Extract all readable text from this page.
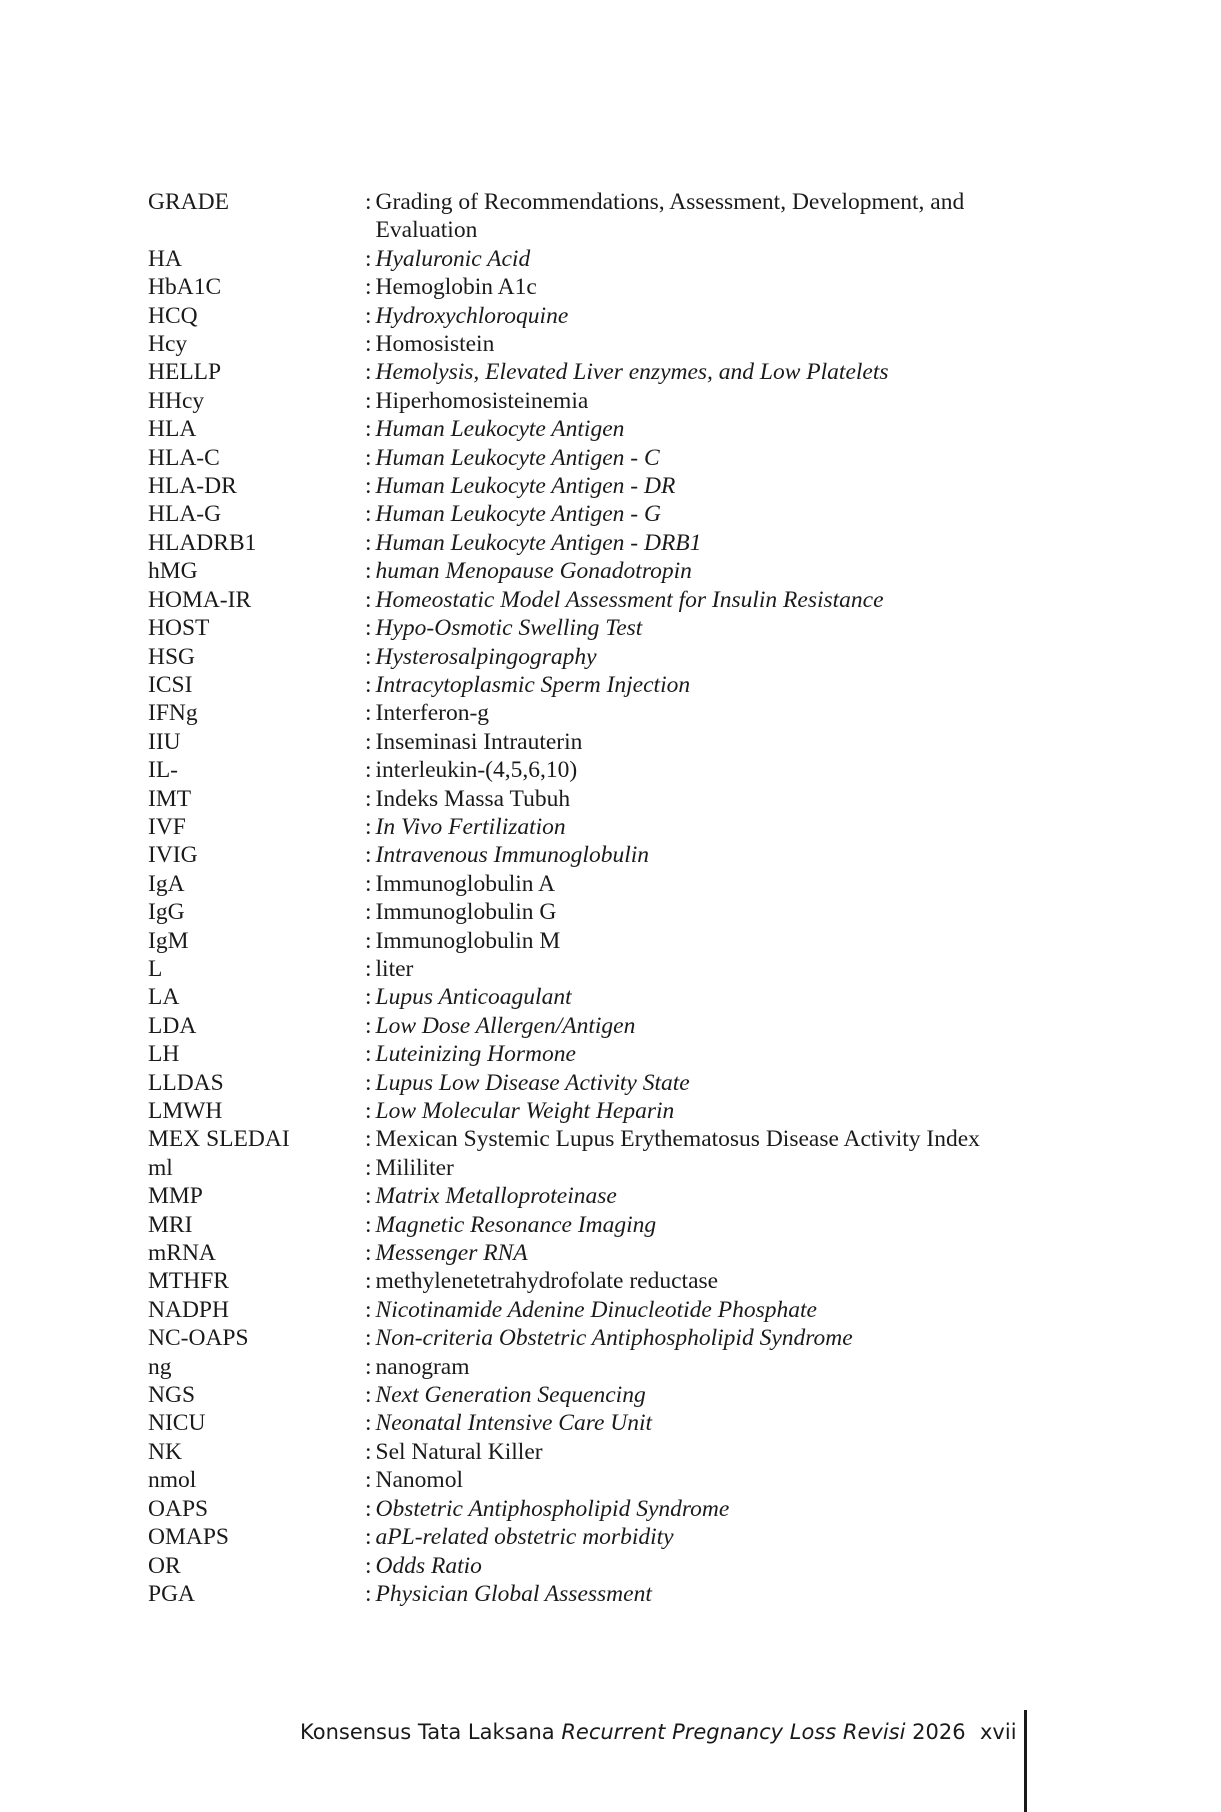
GRADE	: Grading of Recommendations, Assessment, Development, and Evaluation
HA	: Hyaluronic Acid
HbA1C	: Hemoglobin A1c
HCQ	: Hydroxychloroquine
Hcy	: Homosistein
HELLP	: Hemolysis, Elevated Liver enzymes, and Low Platelets
HHcy	: Hiperhomosisteinemia
HLA	: Human Leukocyte Antigen
HLA-C	: Human Leukocyte Antigen - C
HLA-DR	: Human Leukocyte Antigen - DR
HLA-G	: Human Leukocyte Antigen - G
HLADRB1	: Human Leukocyte Antigen - DRB1
hMG	: human Menopause Gonadotropin
HOMA-IR	: Homeostatic Model Assessment for Insulin Resistance
HOST	: Hypo-Osmotic Swelling Test
HSG	: Hysterosalpingography
ICSI	: Intracytoplasmic Sperm Injection
IFNg	: Interferon-g
IIU	: Inseminasi Intrauterin
IL-	: interleukin-(4,5,6,10)
IMT	: Indeks Massa Tubuh
IVF	: In Vivo Fertilization
IVIG	: Intravenous Immunoglobulin
IgA	: Immunoglobulin A
IgG	: Immunoglobulin G
IgM	: Immunoglobulin M
L	: liter
LA	: Lupus Anticoagulant
LDA	: Low Dose Allergen/Antigen
LH	: Luteinizing Hormone
LLDAS	: Lupus Low Disease Activity State
LMWH	: Low Molecular Weight Heparin
MEX SLEDAI	: Mexican Systemic Lupus Erythematosus Disease Activity Index
ml	: Mililiter
MMP	: Matrix Metalloproteinase
MRI	: Magnetic Resonance Imaging
mRNA	: Messenger RNA
MTHFR	: methylenetetrahydrofolate reductase
NADPH	: Nicotinamide Adenine Dinucleotide Phosphate
NC-OAPS	: Non-criteria Obstetric Antiphospholipid Syndrome
ng	: nanogram
NGS	: Next Generation Sequencing
NICU	: Neonatal Intensive Care Unit
NK	: Sel Natural Killer
nmol	: Nanomol
OAPS	: Obstetric Antiphospholipid Syndrome
OMAPS	: aPL-related obstetric morbidity
OR	: Odds Ratio
PGA	: Physician Global Assessment
Konsensus Tata Laksana Recurrent Pregnancy Loss Revisi 2026 xvii
